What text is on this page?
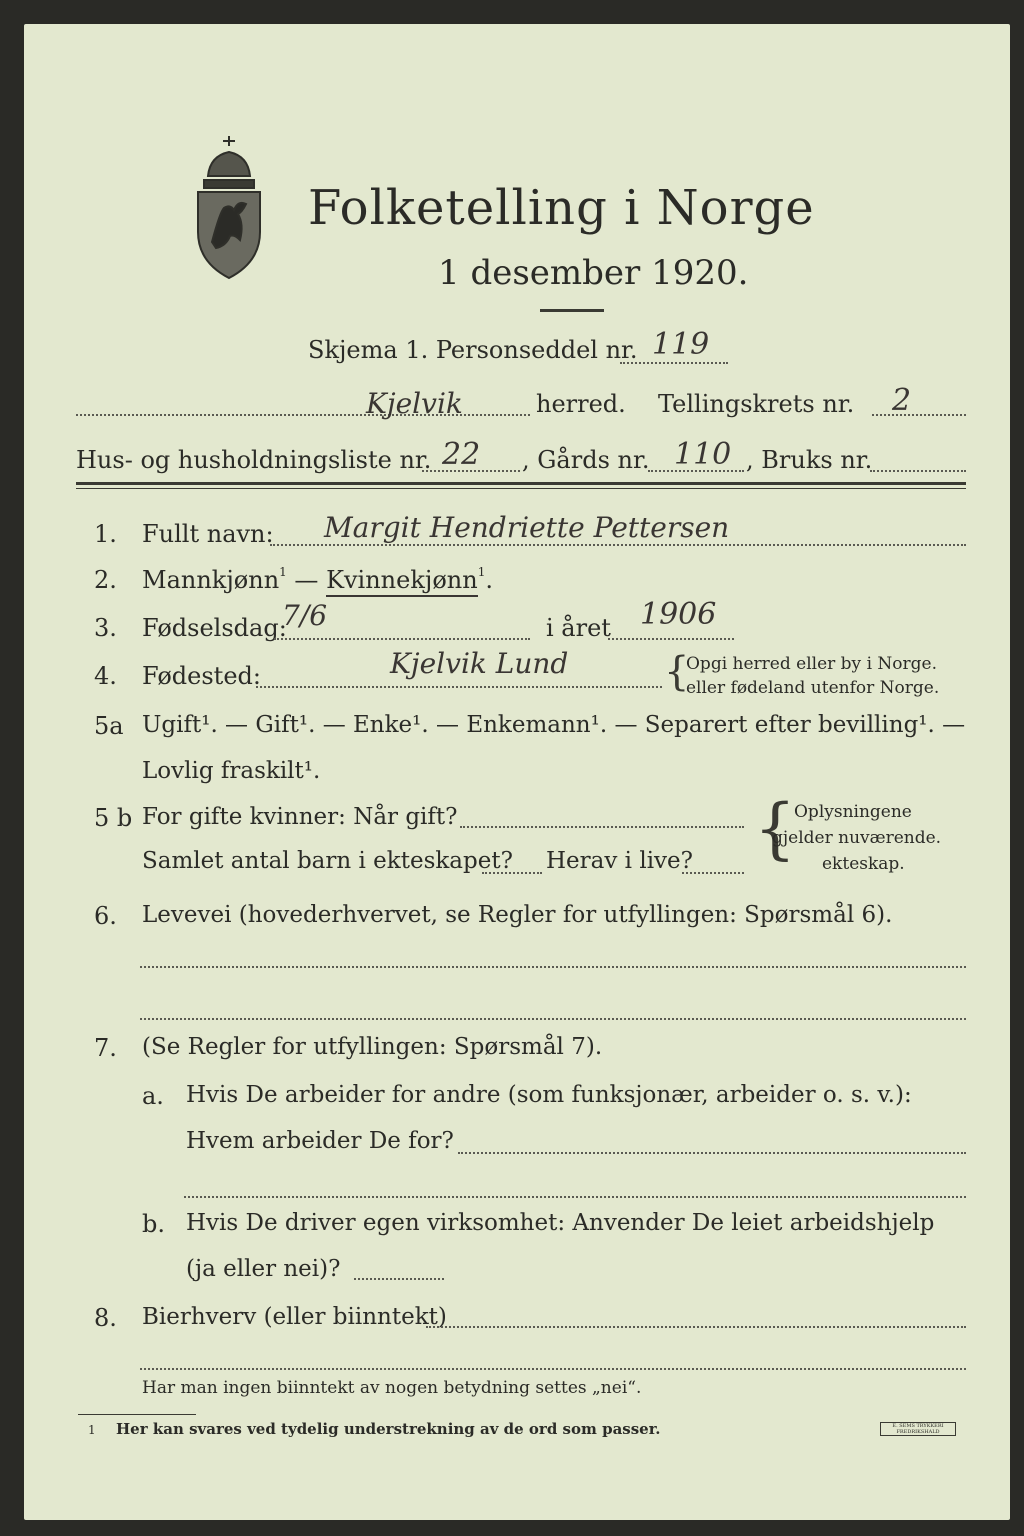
Folketelling i Norge
1 desember 1920.
Skjema 1. Personseddel nr. 119
Kjelvik	herred. Tellingskrets nr. 2
Hus- og husholdningsliste nr. 22 , Gårds nr. 110 , Bruks nr.
1. Fullt navn: Margit Hendriette Pettersen
2. Mannkjønn$^1$ — Kvinnekjønn$^1$.
3. Fødselsdag:
7/6	i året 1906
4. Fødested:	Kjelvik Lund {
Opgi herred eller by i Norge.
eller fødeland utenfor Norge.
5a Ugift¹. — Gift¹. — Enke¹. — Enkemann¹. — Separert efter bevilling¹. —
Lovlig fraskilt¹.
5 b For gifte kvinner: Når gift?
Samlet antal barn i ekteskapet? Herav i live? {
Oplysningene
gjelder nuværende.
ekteskap.
6. Levevei (hovederhvervet, se Regler for utfyllingen: Spørsmål 6).
7. (Se Regler for utfyllingen: Spørsmål 7).
a. Hvis De arbeider for andre (som funksjonær, arbeider o. s. v.):
Hvem arbeider De for?
b. Hvis De driver egen virksomhet: Anvender De leiet arbeidshjelp
(ja eller nei)?
8. Bierhverv (eller biinntekt)
Har man ingen biinntekt av nogen betydning settes „nei“.
1 Her kan svares ved tydelig understrekning av de ord som passer.	E. SEMS TRYKKERI FREDRIKSHALD
